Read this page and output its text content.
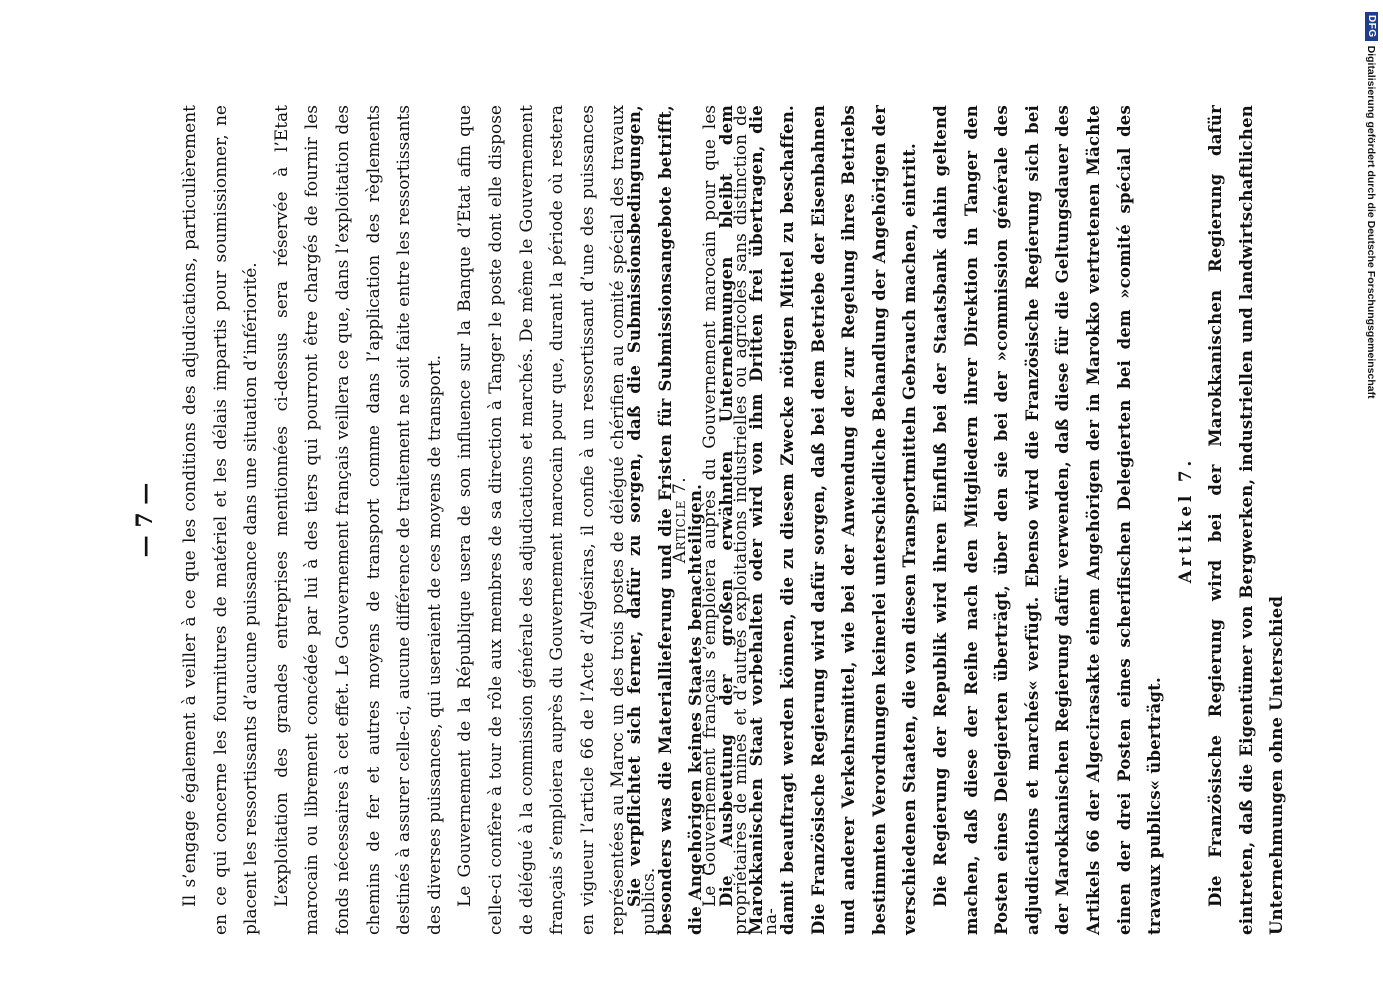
— 7 — Il s’engage également à veiller à ce que les conditions des adjudications, particulièrement en ce qui concerne les fournitures de matériel et les délais impartis pour soumissionner, ne placent les ressortissants d’aucune puissance dans une situation d’infériorité. L’exploitation des grandes entreprises mentionnées ci-dessus sera réservée à l’Etat marocain ou librement concédée par lui à des tiers qui pourront être chargés de fournir les fonds nécessaires à cet effet. Le Gouvernement français veillera ce que, dans l’exploitation des chemins de fer et autres moyens de transport comme dans l’application des règlements destinés à assurer celle-ci, aucune différence de traitement ne soit faite entre les ressortissants des diverses puissances, qui useraient de ces moyens de transport. Le Gouvernement de la République usera de son influence sur la Banque d’Etat afin que celle-ci confère à tour de rôle aux membres de sa direction à Tanger le poste dont elle dispose de délégué à la commission générale des adjudications et marchés. De même le Gouvernement français s’emploiera auprès du Gouvernement marocain pour que, durant la période où restera en vigueur l’article 66 de l’Acte d’Algésiras, il confie à un ressortissant d’une des puissances représentées au Maroc un des trois postes de délégué chérifien au comité spécial des travaux publics.

Article 7. Le Gouvernement français s’emploiera auprès du Gouvernement marocain pour que les propriétaires de mines et d’autres exploitations industrielles ou agricoles sans distinction de na-

Sie verpflichtet sich ferner, dafür zu sorgen, daß die Submissionsbedingungen, besonders was die Materiallieferung und die Fristen für Submissionsangebote betrifft, die Angehörigen keines Staates benachteiligen. Die Ausbeutung der großen erwähnten Unternehmungen bleibt dem Marokkanischen Staat vorbehalten oder wird von ihm Dritten frei übertragen, die damit beauftragt werden können, die zu diesem Zwecke nötigen Mittel zu beschaffen. Die Französische Regierung wird dafür sorgen, daß bei dem Betriebe der Eisenbahnen und anderer Verkehrsmittel, wie bei der Anwendung der zur Regelung ihres Betriebs bestimmten Verordnungen keinerlei unterschiedliche Behandlung der Angehörigen der verschiedenen Staaten, die von diesen Transportmitteln Gebrauch machen, eintritt. Die Regierung der Republik wird ihren Einfluß bei der Staatsbank dahin geltend machen, daß diese der Reihe nach den Mitgliedern ihrer Direktion in Tanger den Posten eines Delegierten überträgt, über den sie bei der »commission générale des adjudications et marchés« verfügt. Ebenso wird die Französische Regierung sich bei der Marokkanischen Regierung dafür verwenden, daß diese für die Geltungsdauer des Artikels 66 der Algecirasakte einem Angehörigen der in Marokko vertretenen Mächte einen der drei Posten eines scherifischen Delegierten bei dem »comité spécial des travaux publics« überträgt.

Artikel 7. Die Französische Regierung wird bei der Marokkanischen Regierung dafür eintreten, daß die Eigentümer von Bergwerken, industriellen und landwirtschaftlichen Unternehmungen ohne Unterschied

DFG
Digitalisierung gefördert durch die Deutsche Forschungsgemeinschaft
